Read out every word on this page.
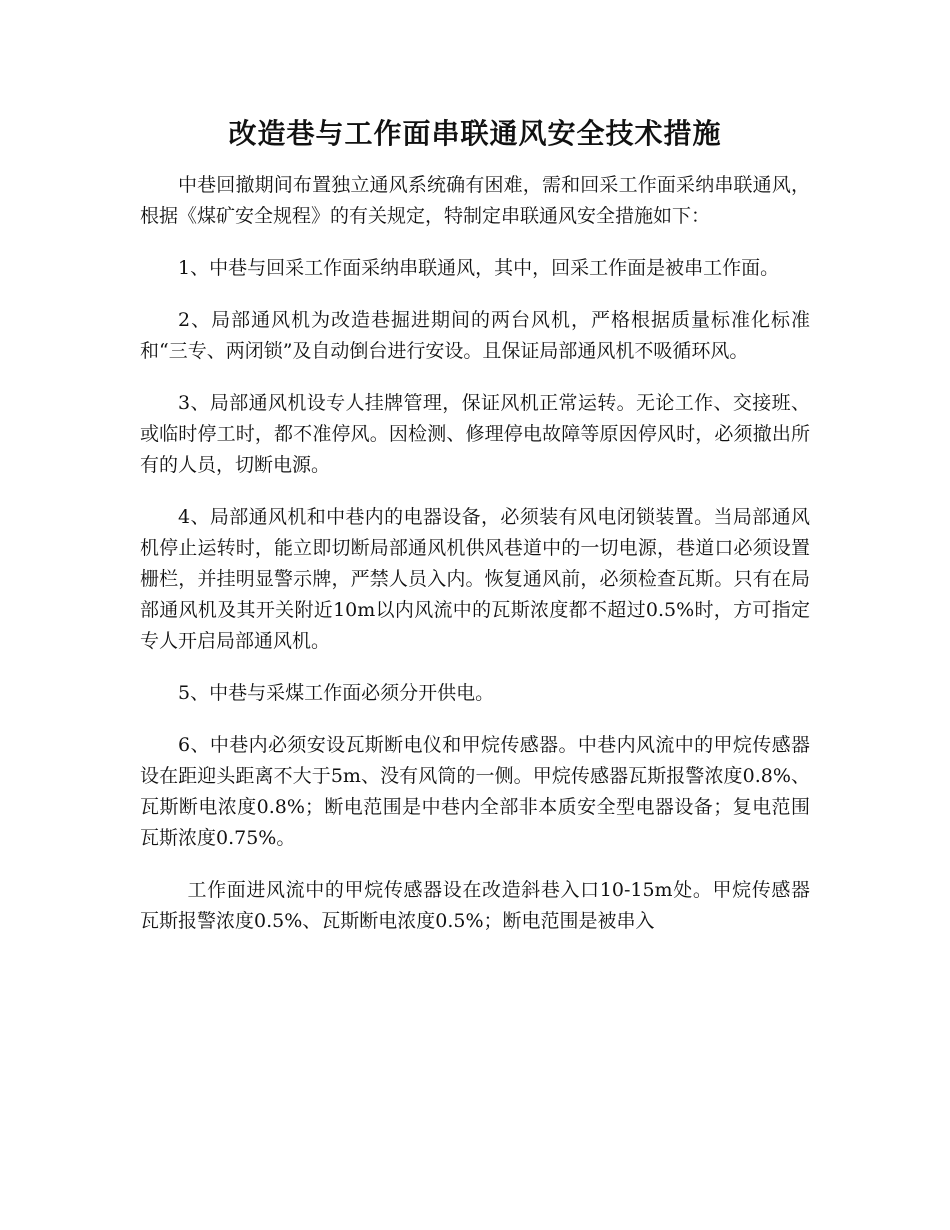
改造巷与工作面串联通风安全技术措施

中巷回撤期间布置独立通风系统确有困难，需和回采工作面采纳串联通风，根据《煤矿安全规程》的有关规定，特制定串联通风安全措施如下：

1、中巷与回采工作面采纳串联通风，其中，回采工作面是被串工作面。

2、局部通风机为改造巷掘进期间的两台风机，严格根据质量标准化标准和“三专、两闭锁”及自动倒台进行安设。且保证局部通风机不吸循环风。

3、局部通风机设专人挂牌管理，保证风机正常运转。无论工作、交接班、或临时停工时，都不准停风。因检测、修理停电故障等原因停风时，必须撤出所有的人员，切断电源。

4、局部通风机和中巷内的电器设备，必须装有风电闭锁装置。当局部通风机停止运转时，能立即切断局部通风机供风巷道中的一切电源，巷道口必须设置栅栏，并挂明显警示牌，严禁人员入内。恢复通风前，必须检查瓦斯。只有在局部通风机及其开关附近10m以内风流中的瓦斯浓度都不超过0.5%时，方可指定专人开启局部通风机。

5、中巷与采煤工作面必须分开供电。

6、中巷内必须安设瓦斯断电仪和甲烷传感器。中巷内风流中的甲烷传感器设在距迎头距离不大于5m、没有风筒的一侧。甲烷传感器瓦斯报警浓度0.8%、瓦斯断电浓度0.8%；断电范围是中巷内全部非本质安全型电器设备；复电范围瓦斯浓度0.75%。

工作面进风流中的甲烷传感器设在改造斜巷入口10-15m处。甲烷传感器瓦斯报警浓度0.5%、瓦斯断电浓度0.5%；断电范围是被串入
